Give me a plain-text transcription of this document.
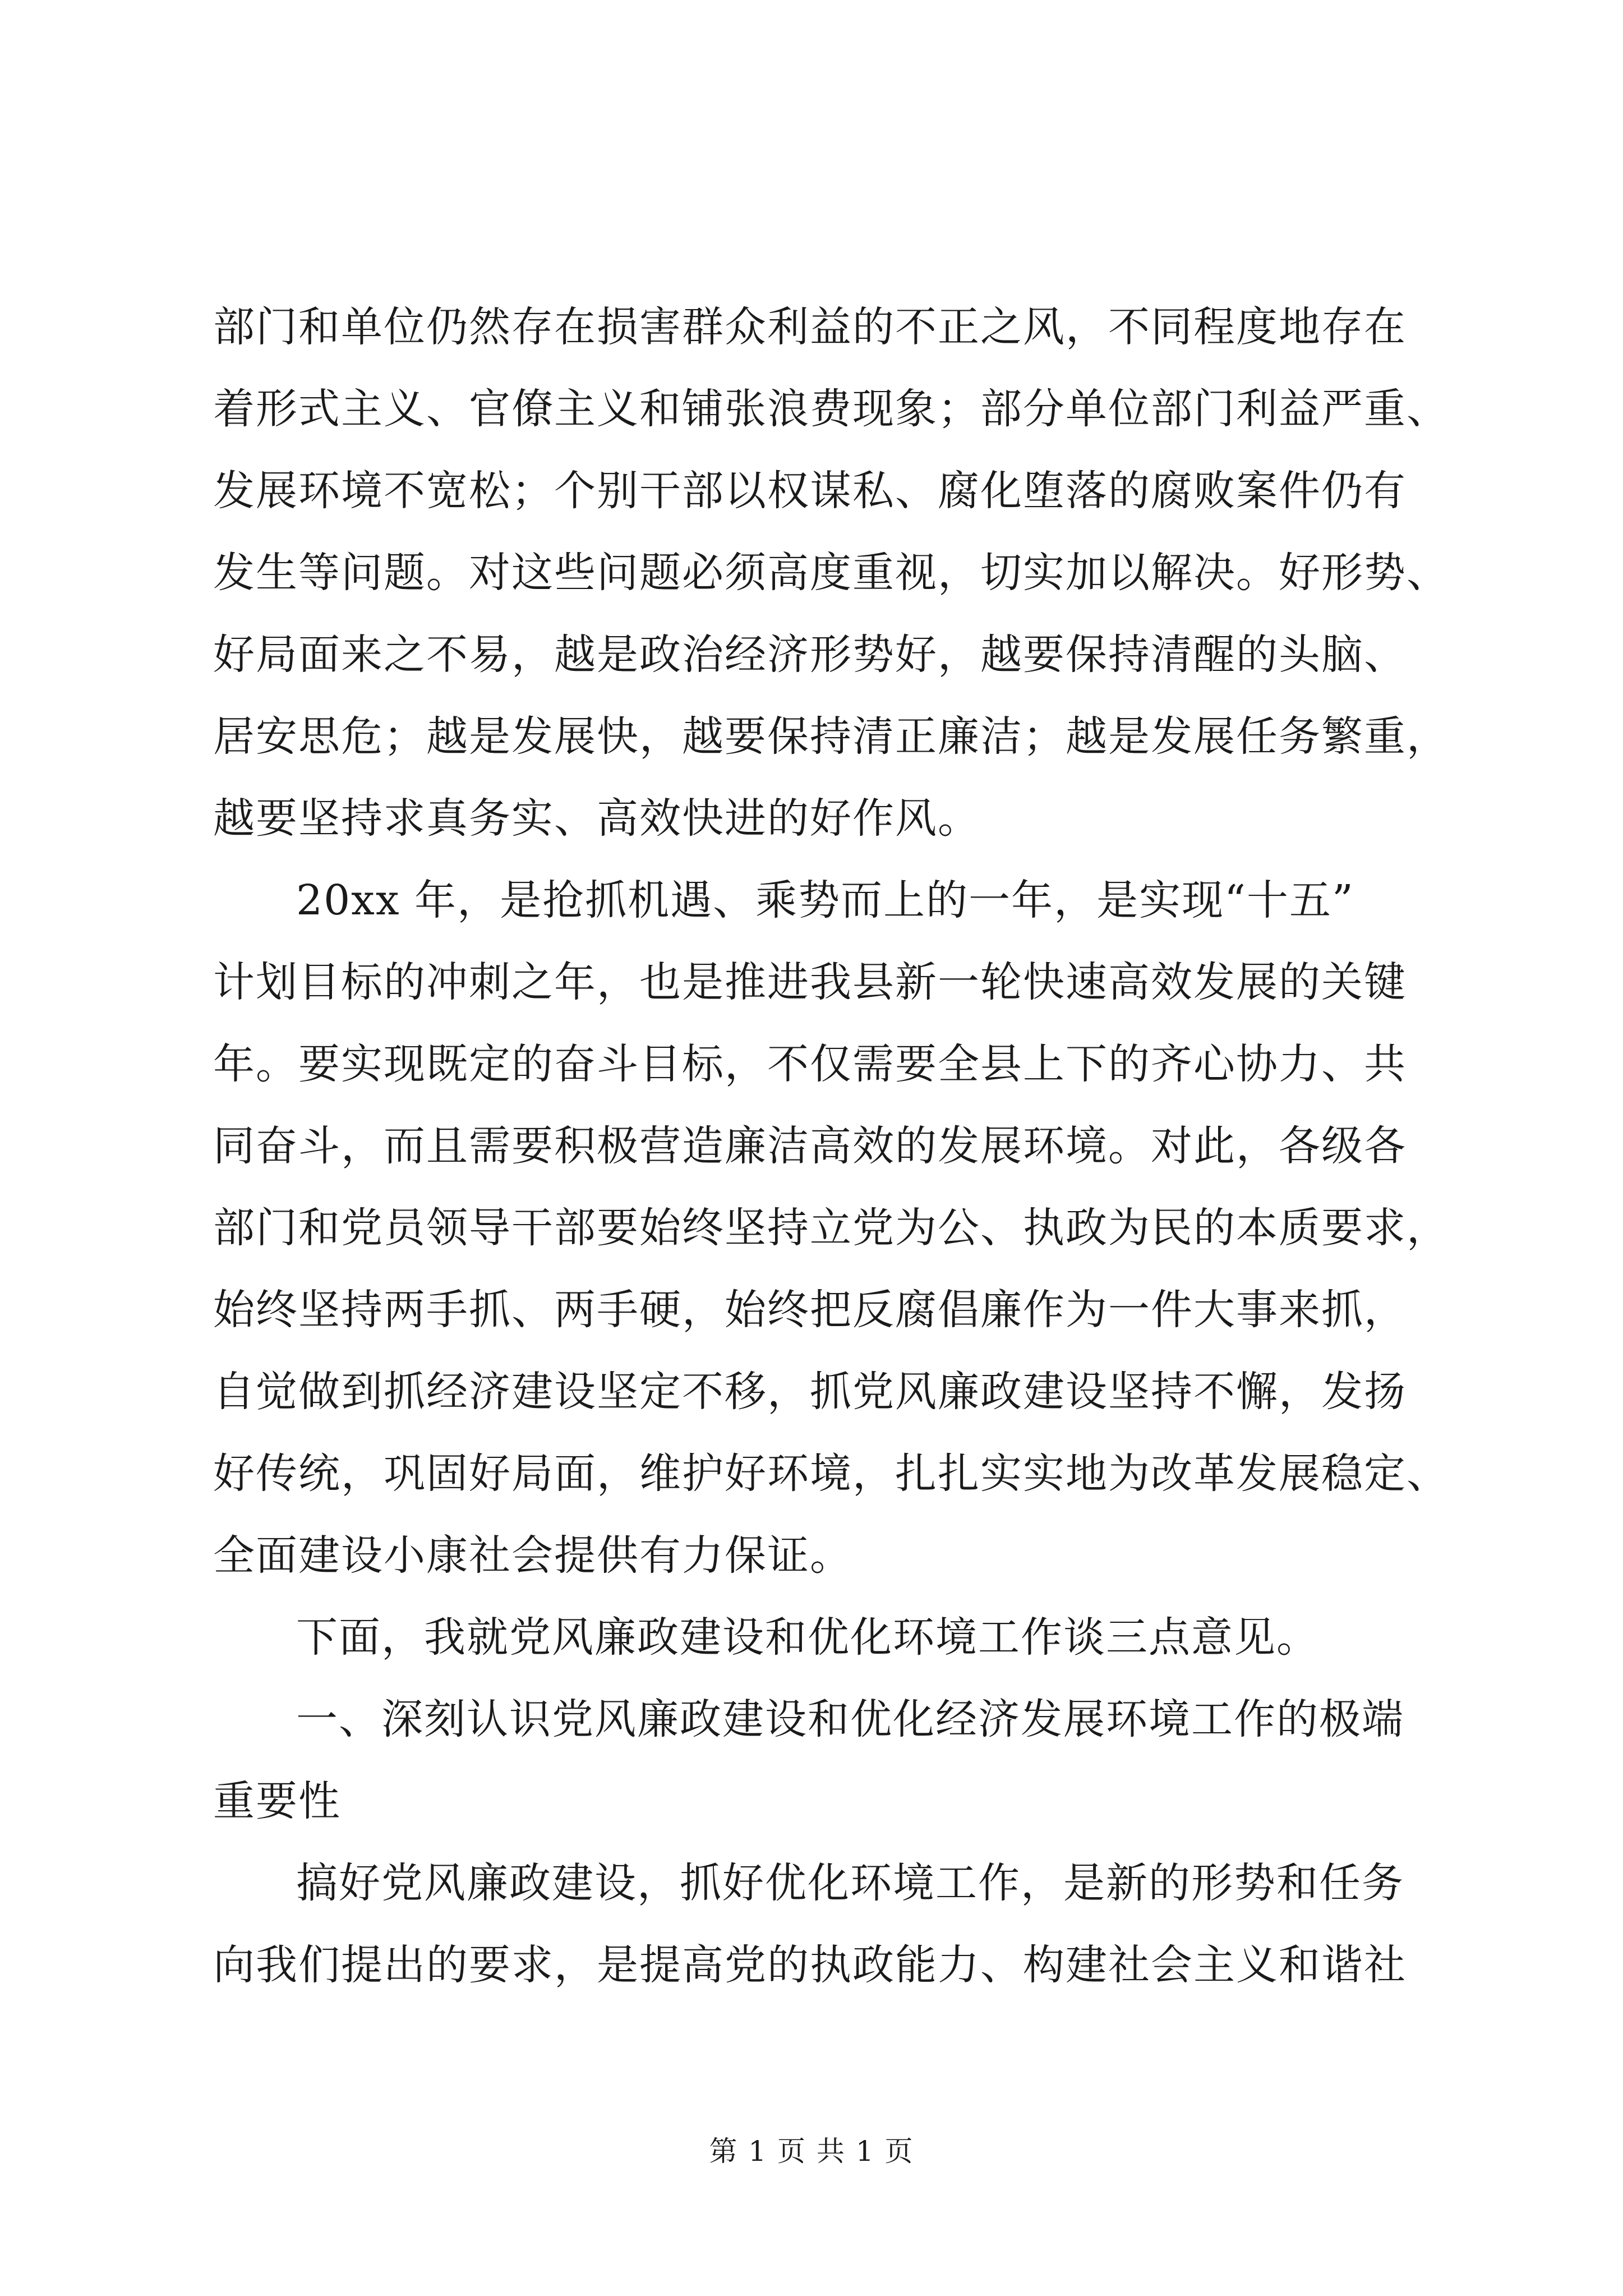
部门和单位仍然存在损害群众利益的不正之风，不同程度地存在
着形式主义、官僚主义和铺张浪费现象；部分单位部门利益严重、
发展环境不宽松；个别干部以权谋私、腐化堕落的腐败案件仍有
发生等问题。对这些问题必须高度重视，切实加以解决。好形势、
好局面来之不易，越是政治经济形势好，越要保持清醒的头脑、
居安思危；越是发展快，越要保持清正廉洁；越是发展任务繁重，
越要坚持求真务实、高效快进的好作风。
20xx 年，是抢抓机遇、乘势而上的一年，是实现“十五”
计划目标的冲刺之年，也是推进我县新一轮快速高效发展的关键
年。要实现既定的奋斗目标，不仅需要全县上下的齐心协力、共
同奋斗，而且需要积极营造廉洁高效的发展环境。对此，各级各
部门和党员领导干部要始终坚持立党为公、执政为民的本质要求，
始终坚持两手抓、两手硬，始终把反腐倡廉作为一件大事来抓，
自觉做到抓经济建设坚定不移，抓党风廉政建设坚持不懈，发扬
好传统，巩固好局面，维护好环境，扎扎实实地为改革发展稳定、
全面建设小康社会提供有力保证。
下面，我就党风廉政建设和优化环境工作谈三点意见。
一、深刻认识党风廉政建设和优化经济发展环境工作的极端
重要性
搞好党风廉政建设，抓好优化环境工作，是新的形势和任务
向我们提出的要求，是提高党的执政能力、构建社会主义和谐社
第 1 页 共 1 页
